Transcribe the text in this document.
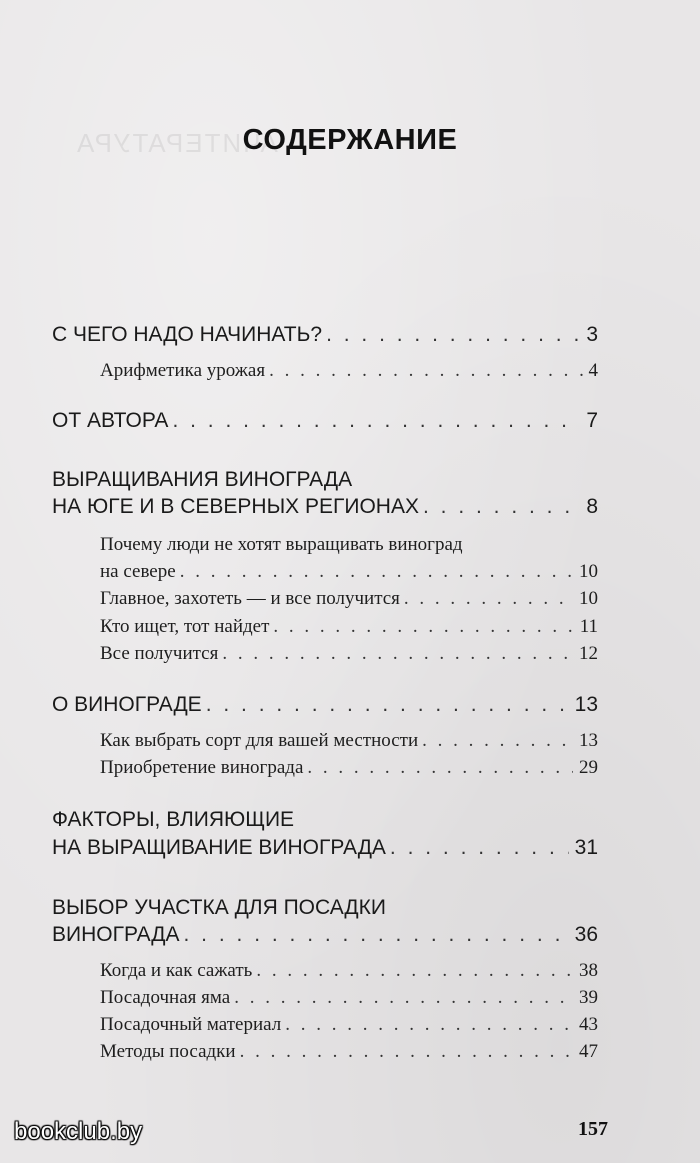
АЧИТЕРАТУРА
СОДЕРЖАНИЕ
С ЧЕГО НАДО НАЧИНАТЬ? . . .	3
Арифметика урожая . . .	4
ОТ АВТОРА . . .	7
ВЫРАЩИВАНИЯ ВИНОГРАДА
НА ЮГЕ И В СЕВЕРНЫХ РЕГИОНАХ . . .	8
Почему люди не хотят выращивать виноград
на севере . . .	10
Главное, захотеть — и все получится . . .	10
Кто ищет, тот найдет . . .	11
Все получится . . .	12
О ВИНОГРАДЕ . . .	13
Как выбрать сорт для вашей местности . . .	13
Приобретение винограда . . .	29
ФАКТОРЫ, ВЛИЯЮЩИЕ
НА ВЫРАЩИВАНИЕ ВИНОГРАДА . . .	31
ВЫБОР УЧАСТКА ДЛЯ ПОСАДКИ
ВИНОГРАДА . . .	36
Когда и как сажать . . .	38
Посадочная яма . . .	39
Посадочный материал . . .	43
Методы посадки . . .	47
157
bookclub.by
